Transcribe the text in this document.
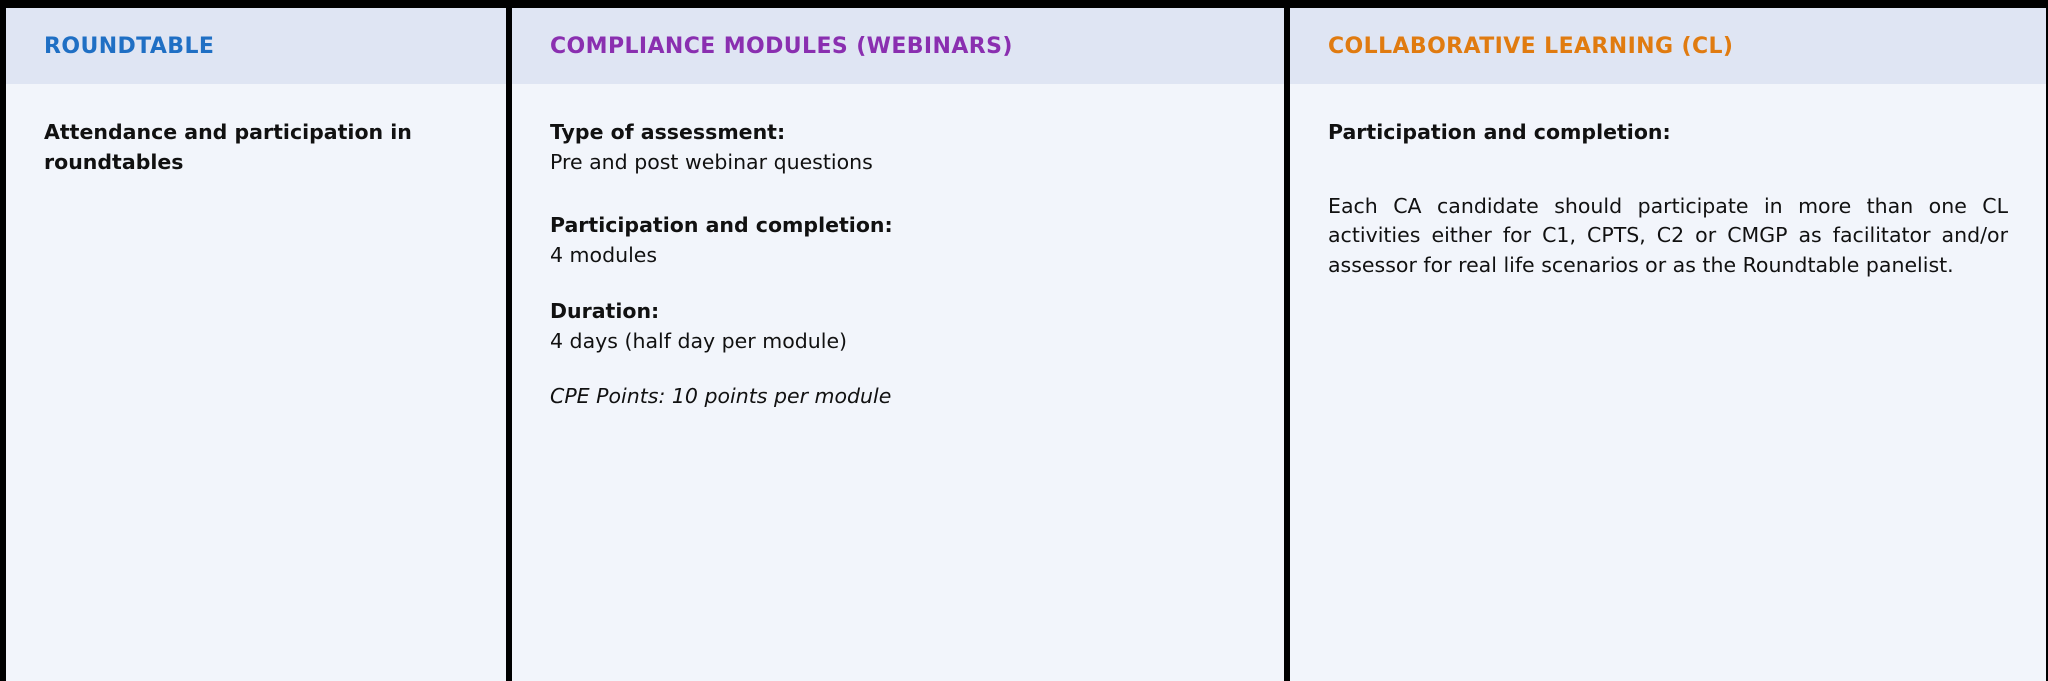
ROUNDTABLE
Attendance and participation in roundtables
COMPLIANCE MODULES (WEBINARS)
Type of assessment:
Pre and post webinar questions
Participation and completion:
4 modules
Duration:
4 days (half day per module)
CPE Points: 10 points per module
COLLABORATIVE LEARNING (CL)
Participation and completion:
Each CA candidate should participate in more than one CL activities either for C1, CPTS, C2 or CMGP as facilitator and/or assessor for real life scenarios or as the Roundtable panelist.
